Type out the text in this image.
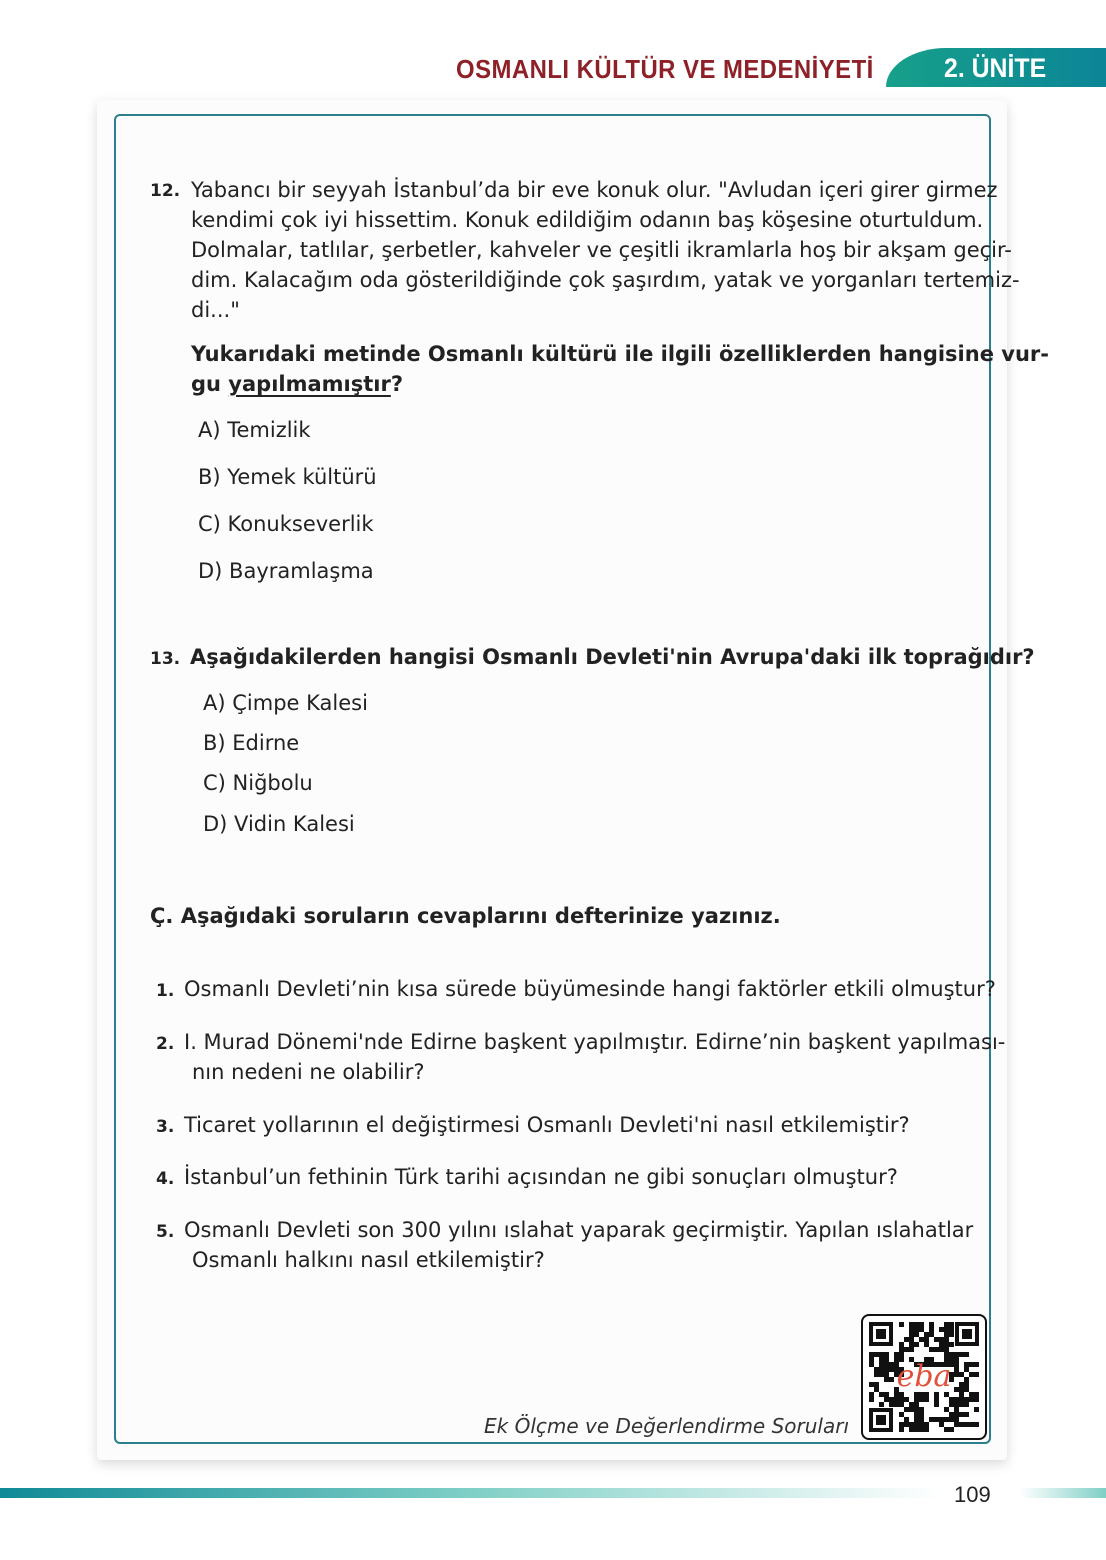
OSMANLI KÜLTÜR VE MEDENİYETİ	2. ÜNİTE
12. Yabancı bir seyyah İstanbul’da bir eve konuk olur. "Avludan içeri girer girmez
kendimi çok iyi hissettim. Konuk edildiğim odanın baş köşesine oturtuldum.
Dolmalar, tatlılar, şerbetler, kahveler ve çeşitli ikramlarla hoş bir akşam geçir-
dim. Kalacağım oda gösterildiğinde çok şaşırdım, yatak ve yorganları tertemiz-
di..."
Yukarıdaki metinde Osmanlı kültürü ile ilgili özelliklerden hangisine vur-
gu yapılmamıştır?
A) Temizlik
B) Yemek kültürü
C) Konukseverlik
D) Bayramlaşma
13. Aşağıdakilerden hangisi Osmanlı Devleti'nin Avrupa'daki ilk toprağıdır?
A) Çimpe Kalesi
B) Edirne
C) Niğbolu
D) Vidin Kalesi
Ç. Aşağıdaki soruların cevaplarını defterinize yazınız.
1. Osmanlı Devleti’nin kısa sürede büyümesinde hangi faktörler etkili olmuştur?
2. I. Murad Dönemi'nde Edirne başkent yapılmıştır. Edirne’nin başkent yapılması-
nın nedeni ne olabilir?
3. Ticaret yollarının el değiştirmesi Osmanlı Devleti'ni nasıl etkilemiştir?
4. İstanbul’un fethinin Türk tarihi açısından ne gibi sonuçları olmuştur?
5. Osmanlı Devleti son 300 yılını ıslahat yaparak geçirmiştir. Yapılan ıslahatlar
Osmanlı halkını nasıl etkilemiştir?
Ek Ölçme ve Değerlendirme Soruları
eba
109
